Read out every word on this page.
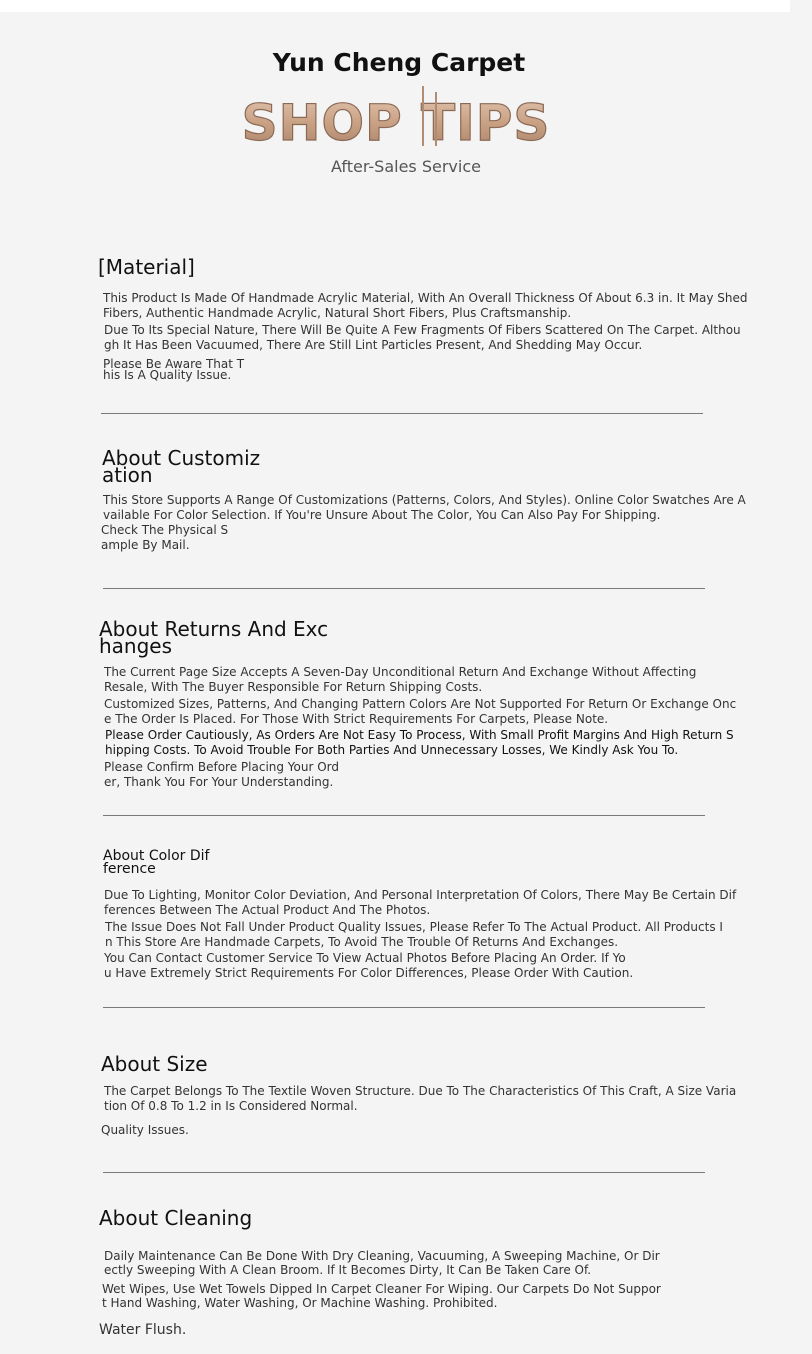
Yun Cheng Carpet
SHOP TIPS
After-Sales Service
[Material]

This Product Is Made Of Handmade Acrylic Material, With An Overall Thickness Of About 6.3 in. It May Shed
Fibers, Authentic Handmade Acrylic, Natural Short Fibers, Plus Craftsmanship.

Due To Its Special Nature, There Will Be Quite A Few Fragments Of Fibers Scattered On The Carpet. Althou
gh It Has Been Vacuumed, There Are Still Lint Particles Present, And Shedding May Occur.

Please Be Aware That T
his Is A Quality Issue.

About Customiz
ation

This Store Supports A Range Of Customizations (Patterns, Colors, And Styles). Online Color Swatches Are A
vailable For Color Selection. If You're Unsure About The Color, You Can Also Pay For Shipping.

Check The Physical S
ample By Mail.

About Returns And Exc
hanges

The Current Page Size Accepts A Seven-Day Unconditional Return And Exchange Without Affecting
Resale, With The Buyer Responsible For Return Shipping Costs.

Customized Sizes, Patterns, And Changing Pattern Colors Are Not Supported For Return Or Exchange Onc
e The Order Is Placed. For Those With Strict Requirements For Carpets, Please Note.

Please Order Cautiously, As Orders Are Not Easy To Process, With Small Profit Margins And High Return S
hipping Costs. To Avoid Trouble For Both Parties And Unnecessary Losses, We Kindly Ask You To.

Please Confirm Before Placing Your Ord
er, Thank You For Your Understanding.

About Color Dif
ference

Due To Lighting, Monitor Color Deviation, And Personal Interpretation Of Colors, There May Be Certain Dif
ferences Between The Actual Product And The Photos.

The Issue Does Not Fall Under Product Quality Issues, Please Refer To The Actual Product. All Products I
n This Store Are Handmade Carpets, To Avoid The Trouble Of Returns And Exchanges.

You Can Contact Customer Service To View Actual Photos Before Placing An Order. If Yo
u Have Extremely Strict Requirements For Color Differences, Please Order With Caution.

About Size

The Carpet Belongs To The Textile Woven Structure. Due To The Characteristics Of This Craft, A Size Varia
tion Of 0.8 To 1.2 in Is Considered Normal.

Quality Issues.

About Cleaning

Daily Maintenance Can Be Done With Dry Cleaning, Vacuuming, A Sweeping Machine, Or Dir
ectly Sweeping With A Clean Broom. If It Becomes Dirty, It Can Be Taken Care Of.

Wet Wipes, Use Wet Towels Dipped In Carpet Cleaner For Wiping. Our Carpets Do Not Suppor
t Hand Washing, Water Washing, Or Machine Washing. Prohibited.

Water Flush.
